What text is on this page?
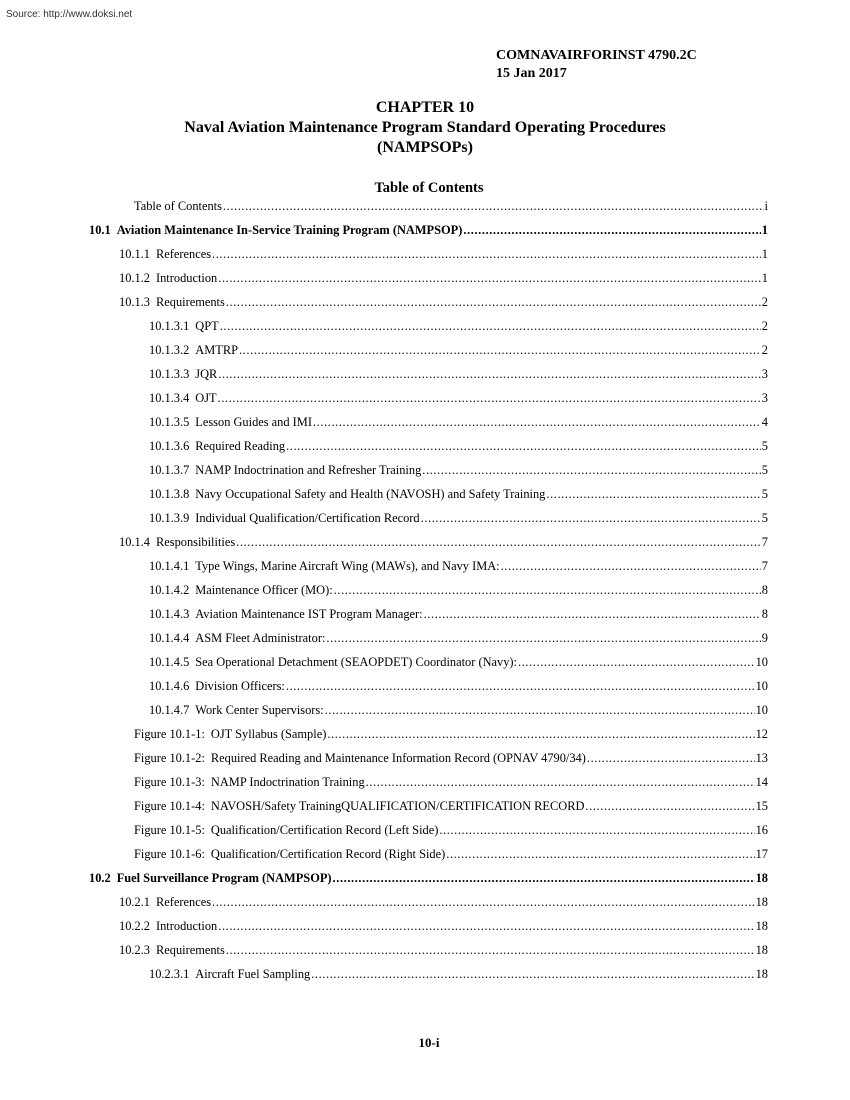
Source: http://www.doksi.net
COMNAVAIRFORINST 4790.2C
15 Jan 2017
CHAPTER 10
Naval Aviation Maintenance Program Standard Operating Procedures
(NAMPSOPs)
Table of Contents
Table of Contents .....	i
10.1 Aviation Maintenance In-Service Training Program (NAMPSOP) .....	1
10.1.1 References .....	1
10.1.2 Introduction .....	1
10.1.3 Requirements .....	2
10.1.3.1 QPT .....	2
10.1.3.2 AMTRP .....	2
10.1.3.3 JQR .....	3
10.1.3.4 OJT .....	3
10.1.3.5 Lesson Guides and IMI .....	4
10.1.3.6 Required Reading .....	5
10.1.3.7 NAMP Indoctrination and Refresher Training .....	5
10.1.3.8 Navy Occupational Safety and Health (NAVOSH) and Safety Training .....	5
10.1.3.9 Individual Qualification/Certification Record .....	5
10.1.4 Responsibilities .....	7
10.1.4.1 Type Wings, Marine Aircraft Wing (MAWs), and Navy IMA: .....	7
10.1.4.2 Maintenance Officer (MO): .....	8
10.1.4.3 Aviation Maintenance IST Program Manager: .....	8
10.1.4.4 ASM Fleet Administrator: .....	9
10.1.4.5 Sea Operational Detachment (SEAOPDET) Coordinator (Navy): .....	10
10.1.4.6 Division Officers: .....	10
10.1.4.7 Work Center Supervisors: .....	10
Figure 10.1-1: OJT Syllabus (Sample) .....	12
Figure 10.1-2: Required Reading and Maintenance Information Record (OPNAV 4790/34) .....	13
Figure 10.1-3: NAMP Indoctrination Training .....	14
Figure 10.1-4: NAVOSH/Safety TrainingQUALIFICATION/CERTIFICATION RECORD .....	15
Figure 10.1-5: Qualification/Certification Record (Left Side) .....	16
Figure 10.1-6: Qualification/Certification Record (Right Side) .....	17
10.2 Fuel Surveillance Program (NAMPSOP) .....	18
10.2.1 References .....	18
10.2.2 Introduction .....	18
10.2.3 Requirements .....	18
10.2.3.1 Aircraft Fuel Sampling .....	18
10-i
